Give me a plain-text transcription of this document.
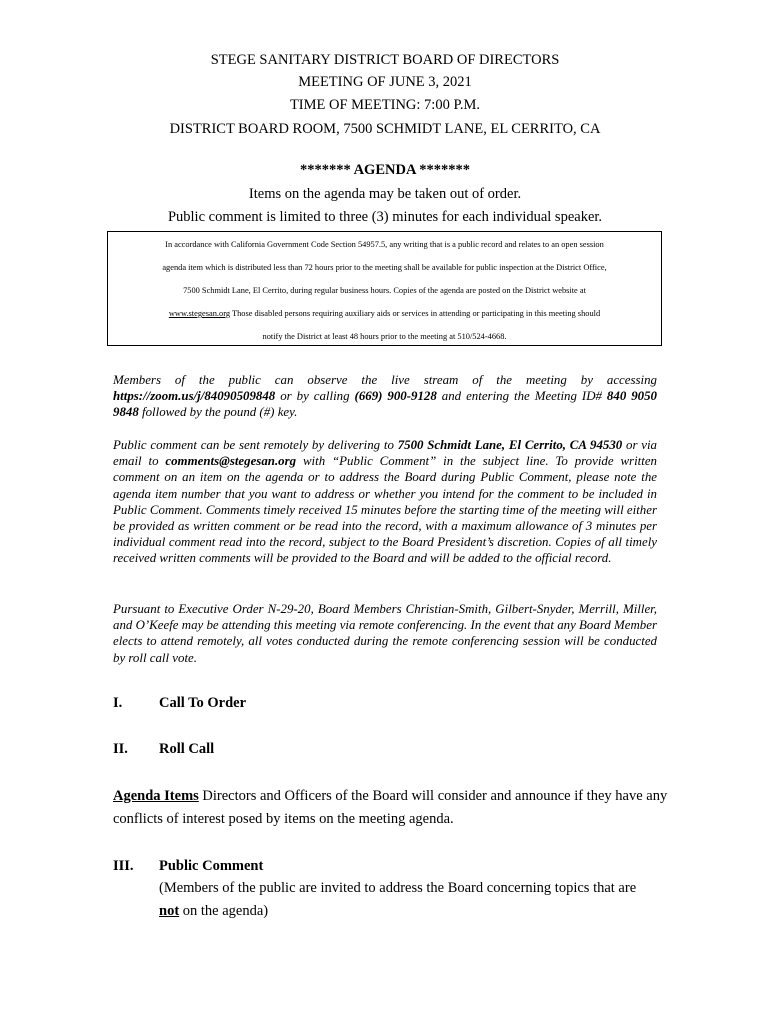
STEGE SANITARY DISTRICT BOARD OF DIRECTORS
MEETING OF JUNE 3, 2021
TIME OF MEETING: 7:00 P.M.
DISTRICT BOARD ROOM, 7500 SCHMIDT LANE, EL CERRITO, CA
******* AGENDA *******
Items on the agenda may be taken out of order.
Public comment is limited to three (3) minutes for each individual speaker.
In accordance with California Government Code Section 54957.5, any writing that is a public record and relates to an open session
agenda item which is distributed less than 72 hours prior to the meeting shall be available for public inspection at the District Office,
7500 Schmidt Lane, El Cerrito, during regular business hours. Copies of the agenda are posted on the District website at
www.stegesan.org Those disabled persons requiring auxiliary aids or services in attending or participating in this meeting should
notify the District at least 48 hours prior to the meeting at 510/524-4668.
Members of the public can observe the live stream of the meeting by accessing https://zoom.us/j/84090509848 or by calling (669) 900-9128 and entering the Meeting ID# 840 9050 9848 followed by the pound (#) key.
Public comment can be sent remotely by delivering to 7500 Schmidt Lane, El Cerrito, CA 94530 or via email to comments@stegesan.org with “Public Comment” in the subject line. To provide written comment on an item on the agenda or to address the Board during Public Comment, please note the agenda item number that you want to address or whether you intend for the comment to be included in Public Comment. Comments timely received 15 minutes before the starting time of the meeting will either be provided as written comment or be read into the record, with a maximum allowance of 3 minutes per individual comment read into the record, subject to the Board President’s discretion. Copies of all timely received written comments will be provided to the Board and will be added to the official record.
Pursuant to Executive Order N-29-20, Board Members Christian-Smith, Gilbert-Snyder, Merrill, Miller, and O’Keefe may be attending this meeting via remote conferencing. In the event that any Board Member elects to attend remotely, all votes conducted during the remote conferencing session will be conducted by roll call vote.
I.	Call To Order
II. Roll Call
Agenda Items Directors and Officers of the Board will consider and announce if they have any conflicts of interest posed by items on the meeting agenda.
III. Public Comment
(Members of the public are invited to address the Board concerning topics that are
not on the agenda)
